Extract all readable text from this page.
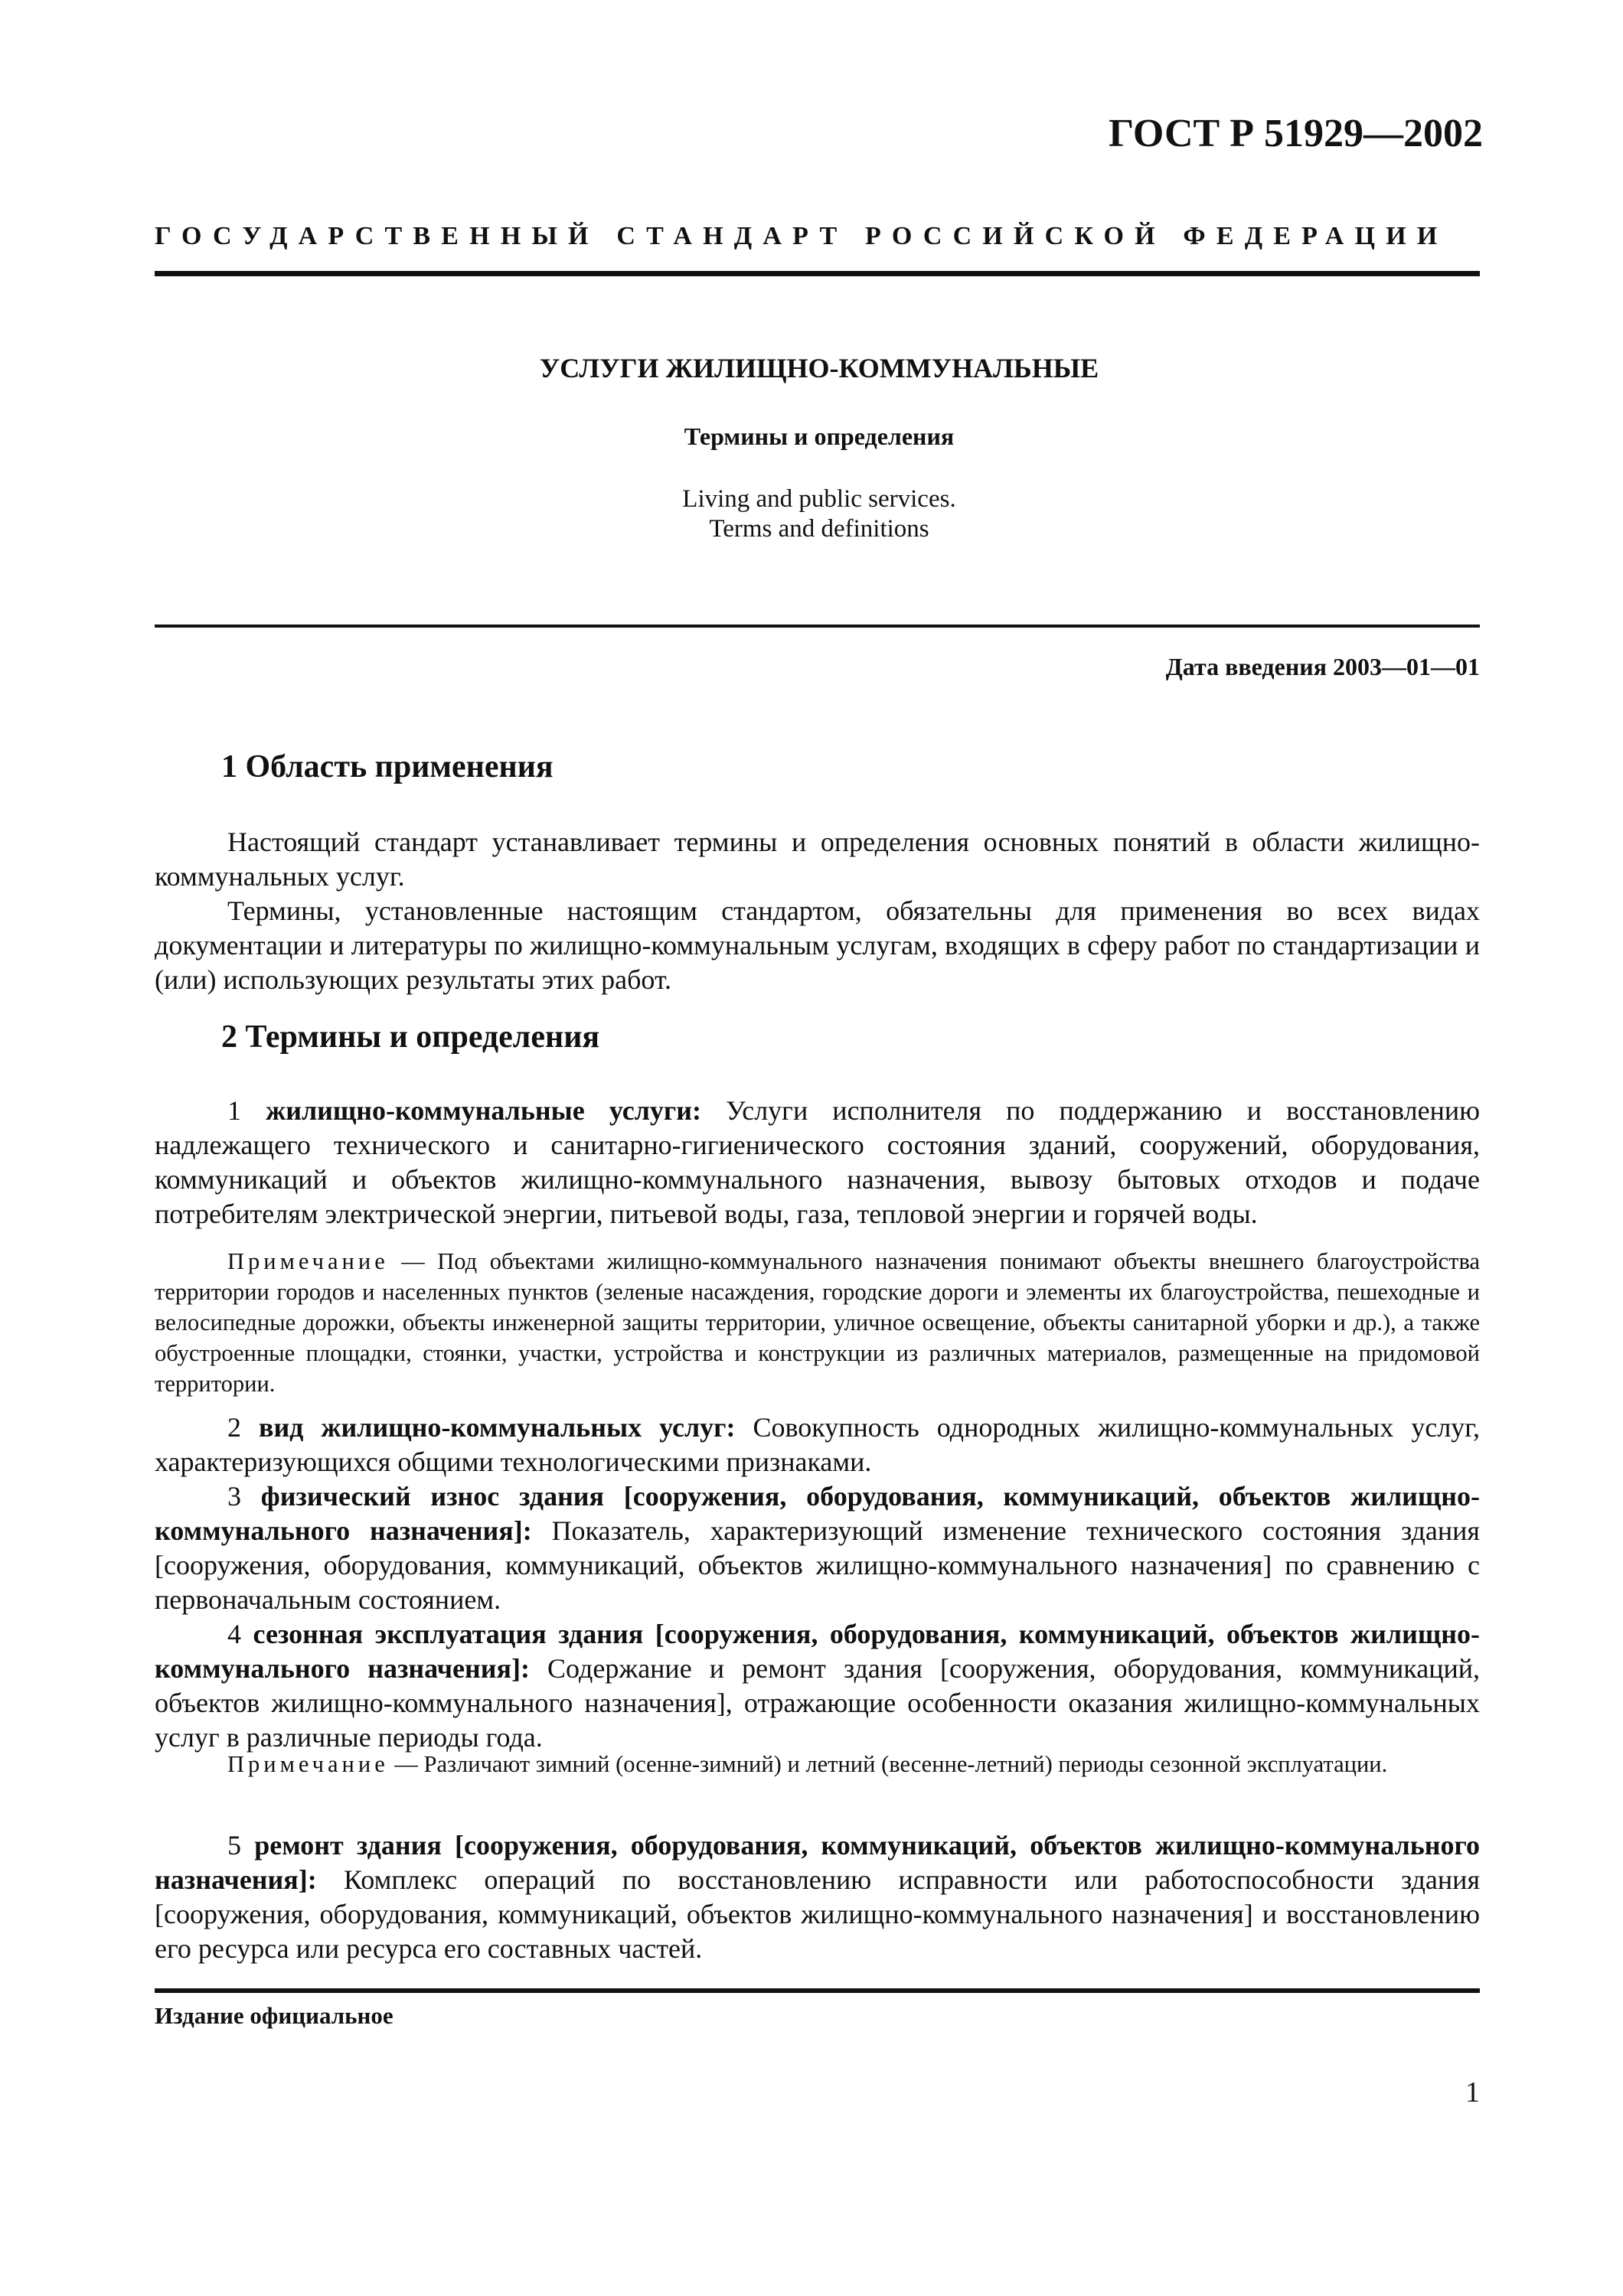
ГОСТ Р 51929—2002
ГОСУДАРСТВЕННЫЙ СТАНДАРТ РОССИЙСКОЙ ФЕДЕРАЦИИ
УСЛУГИ ЖИЛИЩНО-КОММУНАЛЬНЫЕ
Термины и определения
Living and public services.
Terms and definitions
Дата введения 2003—01—01
1 Область применения

Настоящий стандарт устанавливает термины и определения основных понятий в области жилищно-коммунальных услуг.

Термины, установленные настоящим стандартом, обязательны для применения во всех видах документации и литературы по жилищно-коммунальным услугам, входящих в сферу работ по стандартизации и (или) использующих результаты этих работ.

2 Термины и определения

1 жилищно-коммунальные услуги: Услуги исполнителя по поддержанию и восстановлению надлежащего технического и санитарно-гигиенического состояния зданий, сооружений, оборудования, коммуникаций и объектов жилищно-коммунального назначения, вывозу бытовых отходов и подаче потребителям электрической энергии, питьевой воды, газа, тепловой энергии и горячей воды.

Примечание — Под объектами жилищно-коммунального назначения понимают объекты внешнего благоустройства территории городов и населенных пунктов (зеленые насаждения, городские дороги и элементы их благоустройства, пешеходные и велосипедные дорожки, объекты инженерной защиты территории, уличное освещение, объекты санитарной уборки и др.), а также обустроенные площадки, стоянки, участки, устройства и конструкции из различных материалов, размещенные на придомовой территории.

2 вид жилищно-коммунальных услуг: Совокупность однородных жилищно-коммунальных услуг, характеризующихся общими технологическими признаками.

3 физический износ здания [сооружения, оборудования, коммуникаций, объектов жилищно-коммунального назначения]: Показатель, характеризующий изменение технического состояния здания [сооружения, оборудования, коммуникаций, объектов жилищно-коммунального назначения] по сравнению с первоначальным состоянием.

4 сезонная эксплуатация здания [сооружения, оборудования, коммуникаций, объектов жилищно-коммунального назначения]: Содержание и ремонт здания [сооружения, оборудования, коммуникаций, объектов жилищно-коммунального назначения], отражающие особенности оказания жилищно-коммунальных услуг в различные периоды года.

Примечание — Различают зимний (осенне-зимний) и летний (весенне-летний) периоды сезонной эксплуатации.

5 ремонт здания [сооружения, оборудования, коммуникаций, объектов жилищно-коммунального назначения]: Комплекс операций по восстановлению исправности или работоспособности здания [сооружения, оборудования, коммуникаций, объектов жилищно-коммунального назначения] и восстановлению его ресурса или ресурса его составных частей.

Издание официальное
1
